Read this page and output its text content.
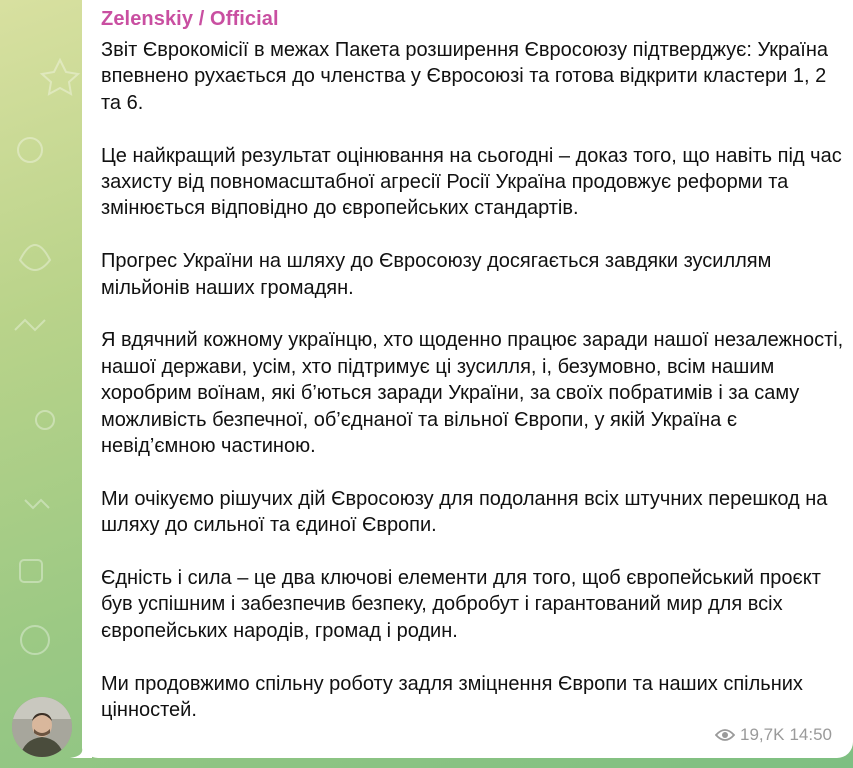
Zelenskiy / Official

Звіт Єврокомісії в межах Пакета розширення Євросоюзу підтверджує: Україна впевнено рухається до членства у Євросоюзі та готова відкрити кластери 1, 2 та 6.

Це найкращий результат оцінювання на сьогодні – доказ того, що навіть під час захисту від повномасштабної агресії Росії Україна продовжує реформи та змінюється відповідно до європейських стандартів.

Прогрес України на шляху до Євросоюзу досягається завдяки зусиллям мільйонів наших громадян.

Я вдячний кожному українцю, хто щоденно працює заради нашої незалежності, нашої держави, усім, хто підтримує ці зусилля, і, безумовно, всім нашим хоробрим воїнам, які б’ються заради України, за своїх побратимів і за саму можливість безпечної, об’єднаної та вільної Європи, у якій Україна є невід’ємною частиною.

Ми очікуємо рішучих дій Євросоюзу для подолання всіх штучних перешкод на шляху до сильної та єдиної Європи.

Єдність і сила – це два ключові елементи для того, щоб європейський проєкт був успішним і забезпечив безпеку, добробут і гарантований мир для всіх європейських народів, громад і родин.

Ми продовжимо спільну роботу задля зміцнення Європи та наших спільних цінностей.

19,7K 14:50
